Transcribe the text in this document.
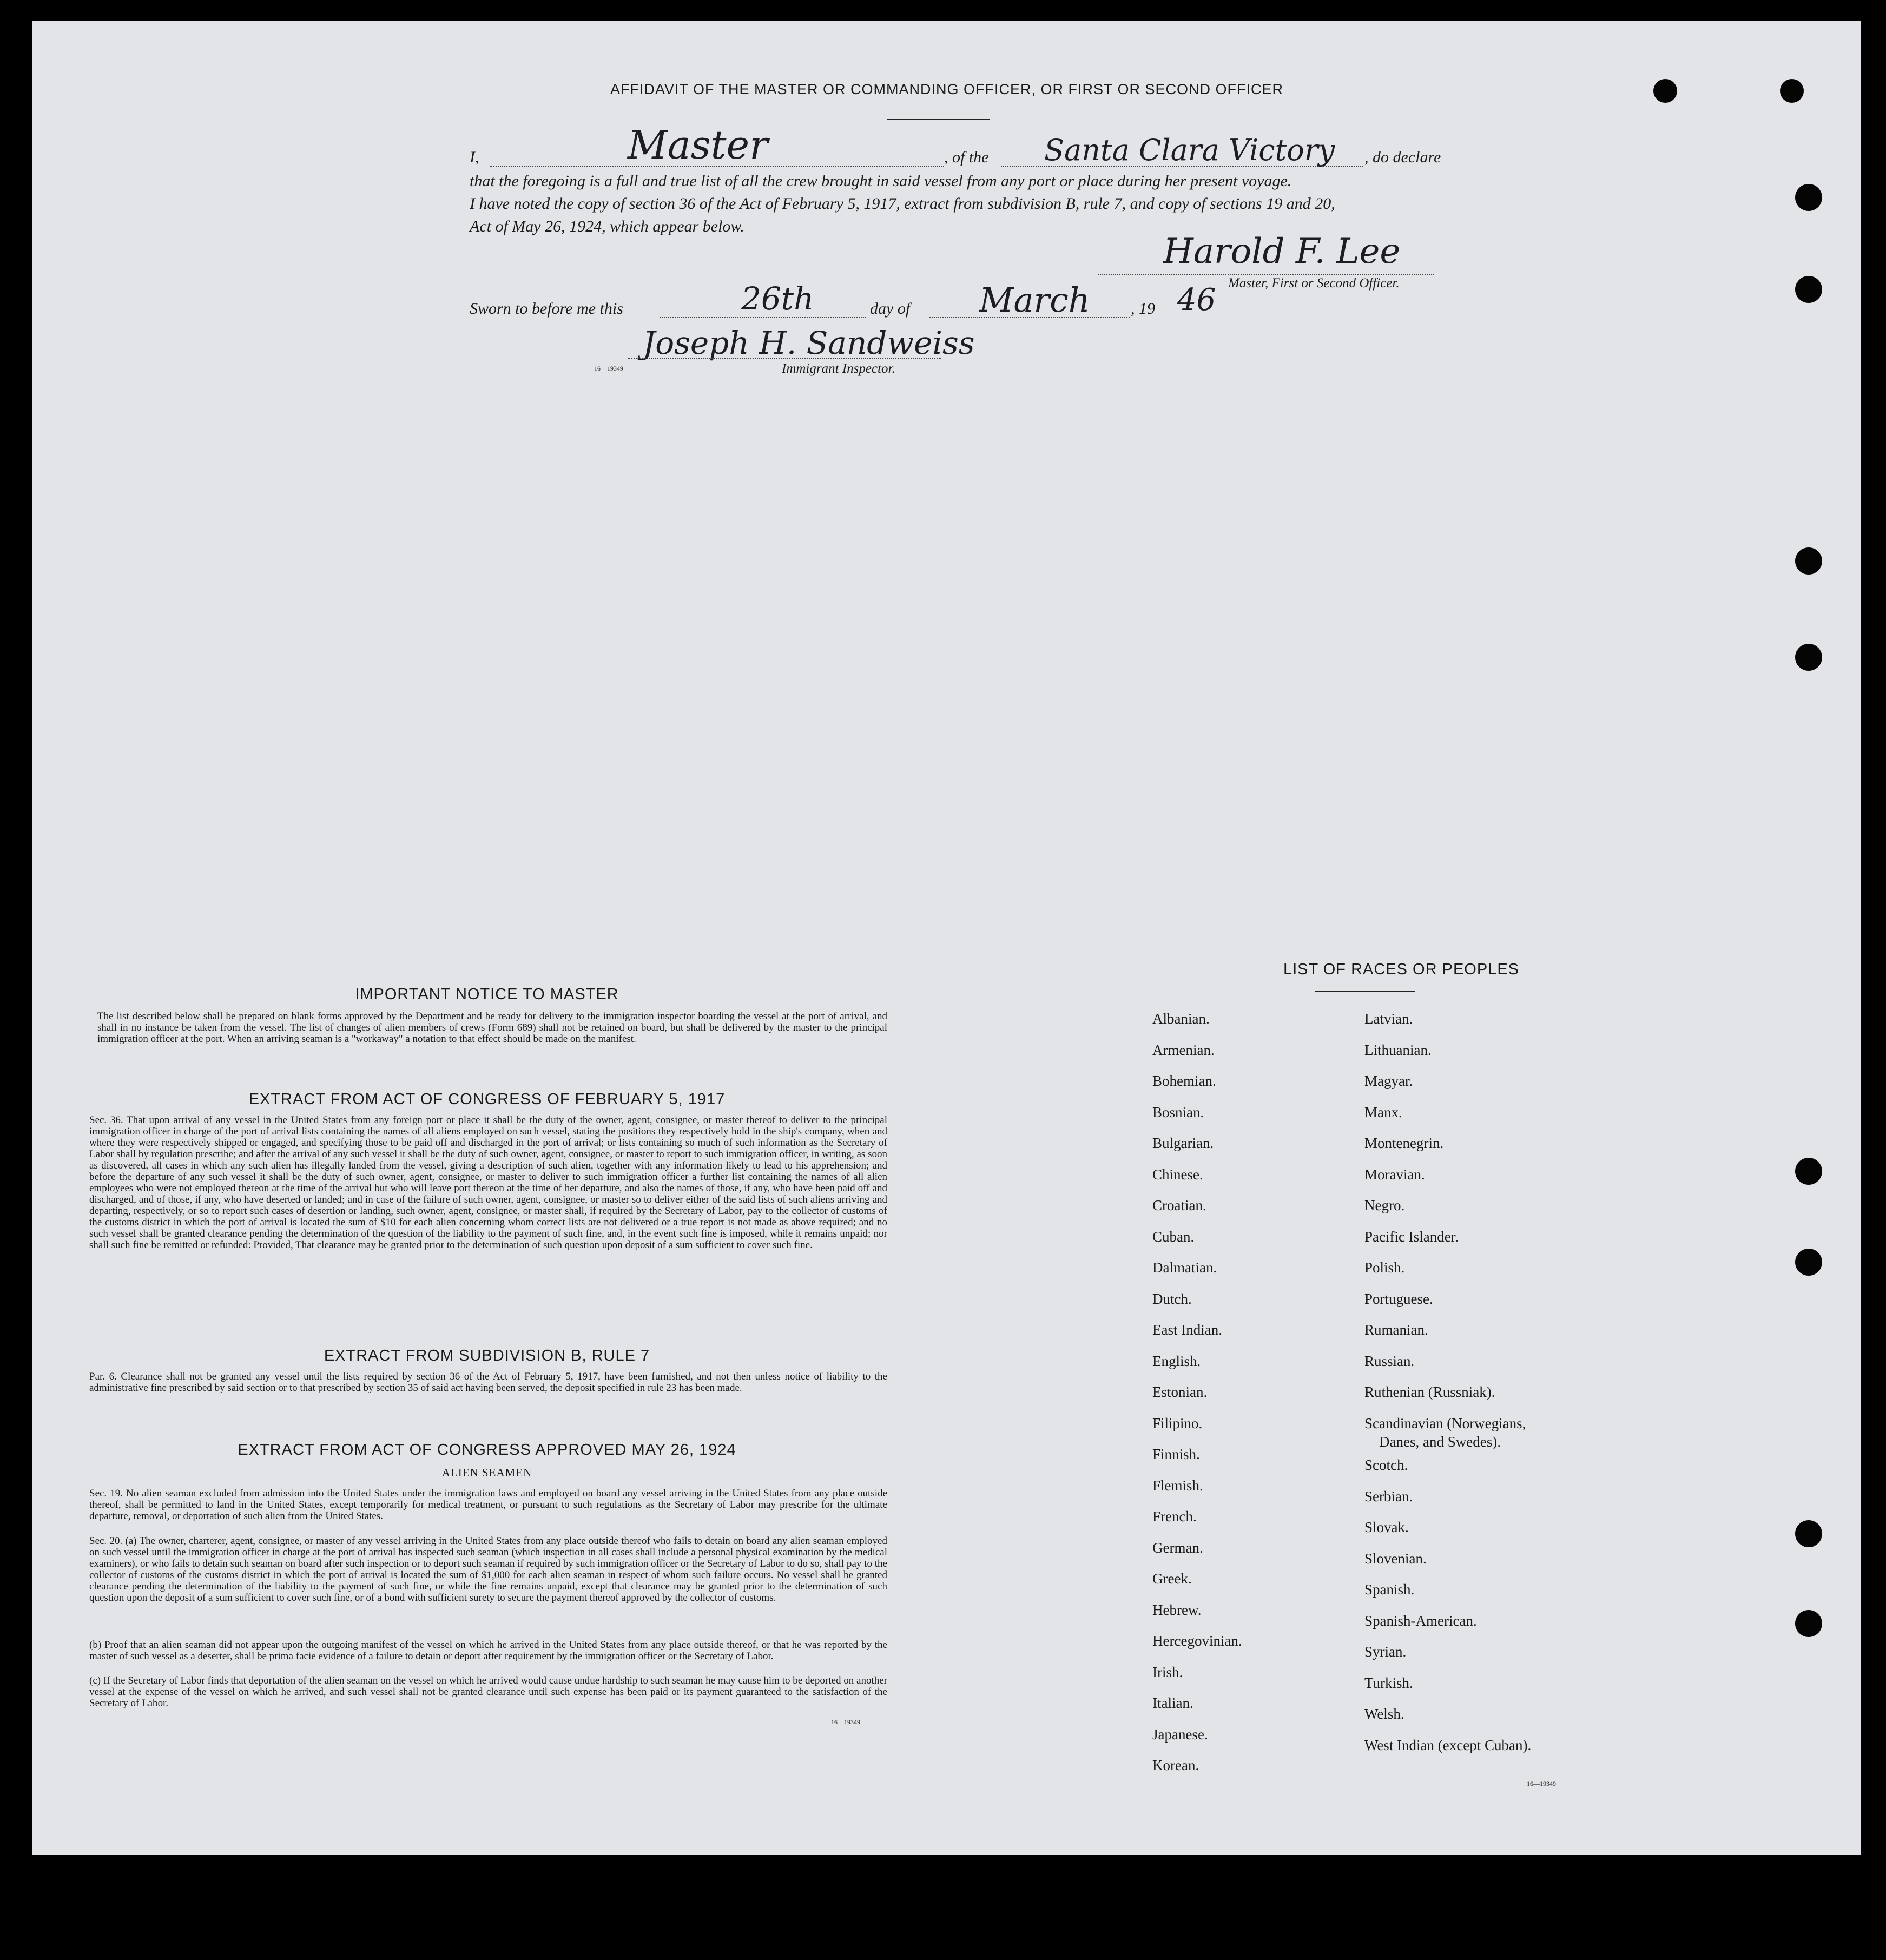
AFFIDAVIT OF THE MASTER OR COMMANDING OFFICER, OR FIRST OR SECOND OFFICER
I,	Master	, of the Santa Clara Victory , do declare
that the foregoing is a full and true list of all the crew brought in said vessel from any port or place during her present voyage.
I have noted the copy of section 36 of the Act of February 5, 1917, extract from subdivision B, rule 7, and copy of sections 19 and 20,
Act of May 26, 1924, which appear below.
Harold F. Lee
Master, First or Second Officer.
Sworn to before me this	26th	day of March	, 19 46
Joseph H. Sandweiss
Immigrant Inspector.
16—19349
IMPORTANT NOTICE TO MASTER
The list described below shall be prepared on blank forms approved by the Department and be ready for delivery to the immigration inspector boarding the vessel at the port of arrival, and shall in no instance be taken from the vessel. The list of changes of alien members of crews (Form 689) shall not be retained on board, but shall be delivered by the master to the principal immigration officer at the port. When an arriving seaman is a "workaway" a notation to that effect should be made on the manifest.
EXTRACT FROM ACT OF CONGRESS OF FEBRUARY 5, 1917
Sec. 36. That upon arrival of any vessel in the United States from any foreign port or place it shall be the duty of the owner, agent, consignee, or master thereof to deliver to the principal immigration officer in charge of the port of arrival lists containing the names of all aliens employed on such vessel, stating the positions they respectively hold in the ship's company, when and where they were respectively shipped or engaged, and specifying those to be paid off and discharged in the port of arrival; or lists containing so much of such information as the Secretary of Labor shall by regulation prescribe; and after the arrival of any such vessel it shall be the duty of such owner, agent, consignee, or master to report to such immigration officer, in writing, as soon as discovered, all cases in which any such alien has illegally landed from the vessel, giving a description of such alien, together with any information likely to lead to his apprehension; and before the departure of any such vessel it shall be the duty of such owner, agent, consignee, or master to deliver to such immigration officer a further list containing the names of all alien employees who were not employed thereon at the time of the arrival but who will leave port thereon at the time of her departure, and also the names of those, if any, who have been paid off and discharged, and of those, if any, who have deserted or landed; and in case of the failure of such owner, agent, consignee, or master so to deliver either of the said lists of such aliens arriving and departing, respectively, or so to report such cases of desertion or landing, such owner, agent, consignee, or master shall, if required by the Secretary of Labor, pay to the collector of customs of the customs district in which the port of arrival is located the sum of $10 for each alien concerning whom correct lists are not delivered or a true report is not made as above required; and no such vessel shall be granted clearance pending the determination of the question of the liability to the payment of such fine, and, in the event such fine is imposed, while it remains unpaid; nor shall such fine be remitted or refunded: Provided, That clearance may be granted prior to the determination of such question upon deposit of a sum sufficient to cover such fine.
EXTRACT FROM SUBDIVISION B, RULE 7
Par. 6. Clearance shall not be granted any vessel until the lists required by section 36 of the Act of February 5, 1917, have been furnished, and not then unless notice of liability to the administrative fine prescribed by said section or to that prescribed by section 35 of said act having been served, the deposit specified in rule 23 has been made.
EXTRACT FROM ACT OF CONGRESS APPROVED MAY 26, 1924
ALIEN SEAMEN
Sec. 19. No alien seaman excluded from admission into the United States under the immigration laws and employed on board any vessel arriving in the United States from any place outside thereof, shall be permitted to land in the United States, except temporarily for medical treatment, or pursuant to such regulations as the Secretary of Labor may prescribe for the ultimate departure, removal, or deportation of such alien from the United States.
Sec. 20. (a) The owner, charterer, agent, consignee, or master of any vessel arriving in the United States from any place outside thereof who fails to detain on board any alien seaman employed on such vessel until the immigration officer in charge at the port of arrival has inspected such seaman (which inspection in all cases shall include a personal physical examination by the medical examiners), or who fails to detain such seaman on board after such inspection or to deport such seaman if required by such immigration officer or the Secretary of Labor to do so, shall pay to the collector of customs of the customs district in which the port of arrival is located the sum of $1,000 for each alien seaman in respect of whom such failure occurs. No vessel shall be granted clearance pending the determination of the liability to the payment of such fine, or while the fine remains unpaid, except that clearance may be granted prior to the determination of such question upon the deposit of a sum sufficient to cover such fine, or of a bond with sufficient surety to secure the payment thereof approved by the collector of customs.
(b) Proof that an alien seaman did not appear upon the outgoing manifest of the vessel on which he arrived in the United States from any place outside thereof, or that he was reported by the master of such vessel as a deserter, shall be prima facie evidence of a failure to detain or deport after requirement by the immigration officer or the Secretary of Labor.
(c) If the Secretary of Labor finds that deportation of the alien seaman on the vessel on which he arrived would cause undue hardship to such seaman he may cause him to be deported on another vessel at the expense of the vessel on which he arrived, and such vessel shall not be granted clearance until such expense has been paid or its payment guaranteed to the satisfaction of the Secretary of Labor.
16—19349
LIST OF RACES OR PEOPLES
Albanian.
Armenian.
Bohemian.
Bosnian.
Bulgarian.
Chinese.
Croatian.
Cuban.
Dalmatian.
Dutch.
East Indian.
English.
Estonian.
Filipino.
Finnish.
Flemish.
French.
German.
Greek.
Hebrew.
Hercegovinian.
Irish.
Italian.
Japanese.
Korean.
Latvian.
Lithuanian.
Magyar.
Manx.
Montenegrin.
Moravian.
Negro.
Pacific Islander.
Polish.
Portuguese.
Rumanian.
Russian.
Ruthenian (Russniak).
Scandinavian (Norwegians,
Danes, and Swedes).
Scotch.
Serbian.
Slovak.
Slovenian.
Spanish.
Spanish-American.
Syrian.
Turkish.
Welsh.
West Indian (except Cuban).
16—19349
